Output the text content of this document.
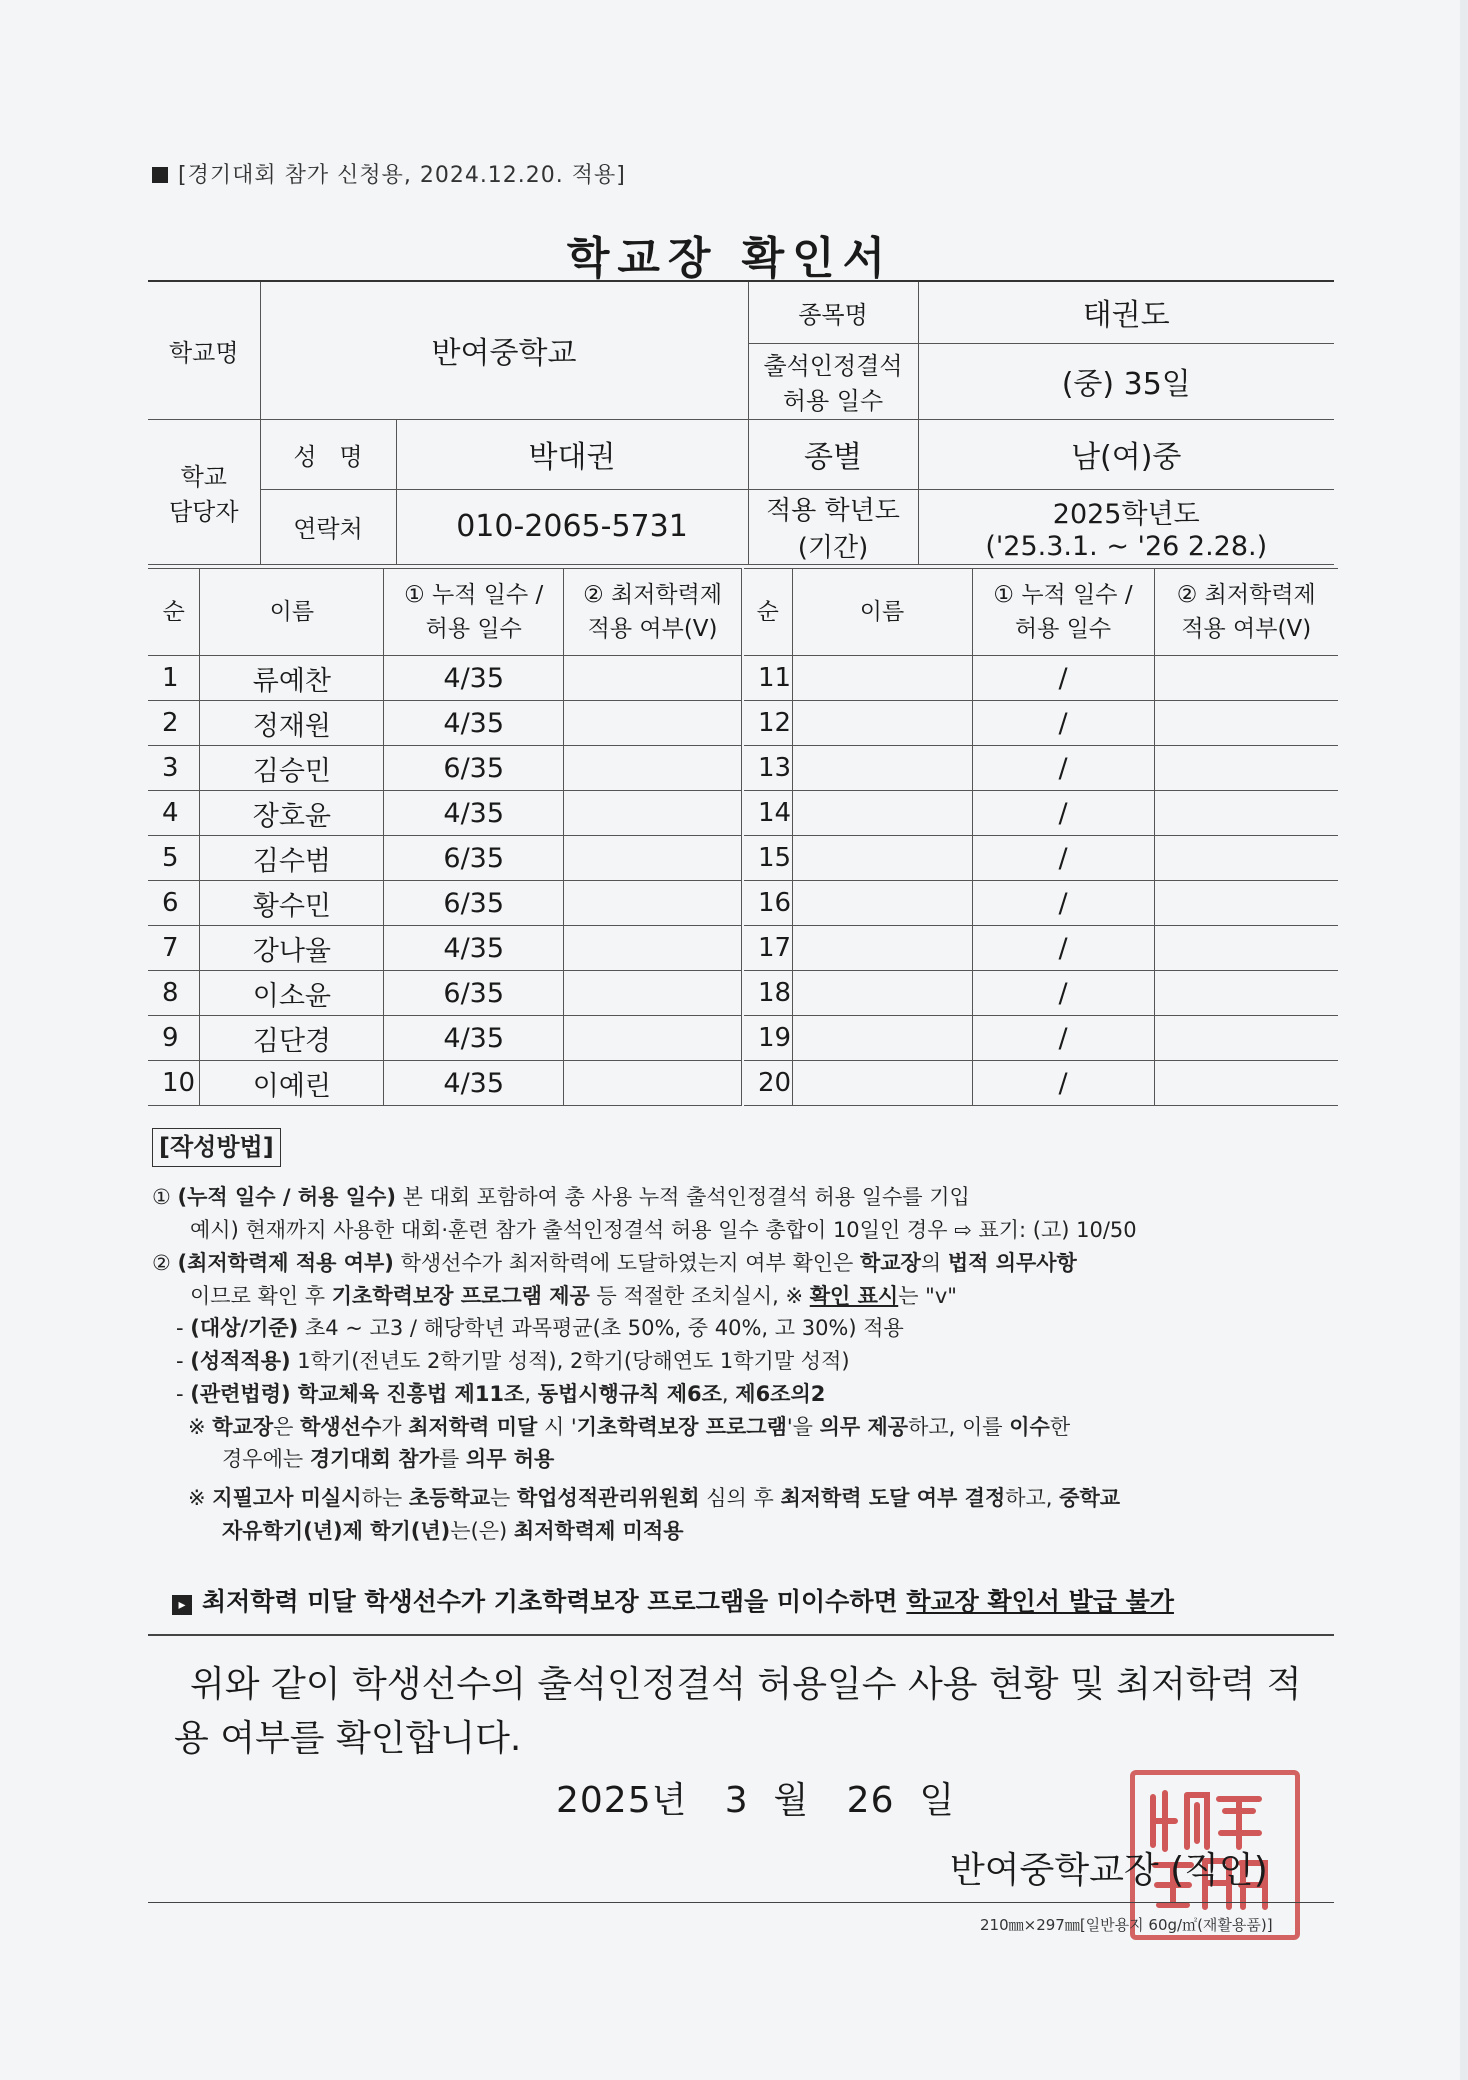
[경기대회 참가 신청용, 2024.12.20. 적용]
학교장 확인서
학교명	반여중학교		종목명	태권도
			출석인정결석
허용 일수	(중) 35일
학교
담당자	성   명	박대권	종별	남(여)중
	연락처	010-2065-5731	적용 학년도
(기간)	2025학년도
('25.3.1. ~ '26 2.28.)
순	이름	① 누적 일수 /
허용 일수	② 최저학력제
적용 여부(V)
1	류예찬	4/35	
2	정재원	4/35	
3	김승민	6/35	
4	장호윤	4/35	
5	김수범	6/35	
6	황수민	6/35	
7	강나율	4/35	
8	이소윤	6/35	
9	김단경	4/35	
10	이예린	4/35	
순	이름	① 누적 일수 /
허용 일수	② 최저학력제
적용 여부(V)
11		/	
12		/	
13		/	
14		/	
15		/	
16		/	
17		/	
18		/	
19		/	
20		/	

[작성방법]

① (누적 일수 / 허용 일수) 본 대회 포함하여 총 사용 누적 출석인정결석 허용 일수를 기입

예시) 현재까지 사용한 대회·훈련 참가 출석인정결석 허용 일수 총합이 10일인 경우 ⇨ 표기: (고) 10/50

② (최저학력제 적용 여부) 학생선수가 최저학력에 도달하였는지 여부 확인은 학교장의 법적 의무사항

이므로 확인 후 기초학력보장 프로그램 제공 등 적절한 조치실시, ※ 확인 표시는 "v"

- (대상/기준) 초4 ~ 고3 / 해당학년 과목평균(초 50%, 중 40%, 고 30%) 적용

- (성적적용) 1학기(전년도 2학기말 성적), 2학기(당해연도 1학기말 성적)

- (관련법령) 학교체육 진흥법 제11조, 동법시행규칙 제6조, 제6조의2

※ 학교장은 학생선수가 최저학력 미달 시 '기초학력보장 프로그램'을 의무 제공하고, 이를 이수한

경우에는 경기대회 참가를 의무 허용

※ 지필고사 미실시하는 초등학교는 학업성적관리위원회 심의 후 최저학력 도달 여부 결정하고, 중학교

자유학기(년)제 학기(년)는(은) 최저학력제 미적용

▸ 최저학력 미달 학생선수가 기초학력보장 프로그램을 미이수하면 학교장 확인서 발급 불가
위와 같이 학생선수의 출석인정결석 허용일수 사용 현황 및 최저학력 적용 여부를 확인합니다.
2025년 3 월 26 일
반여중학교장 (직인)
210㎜×297㎜[일반용지 60g/㎡(재활용품)]
